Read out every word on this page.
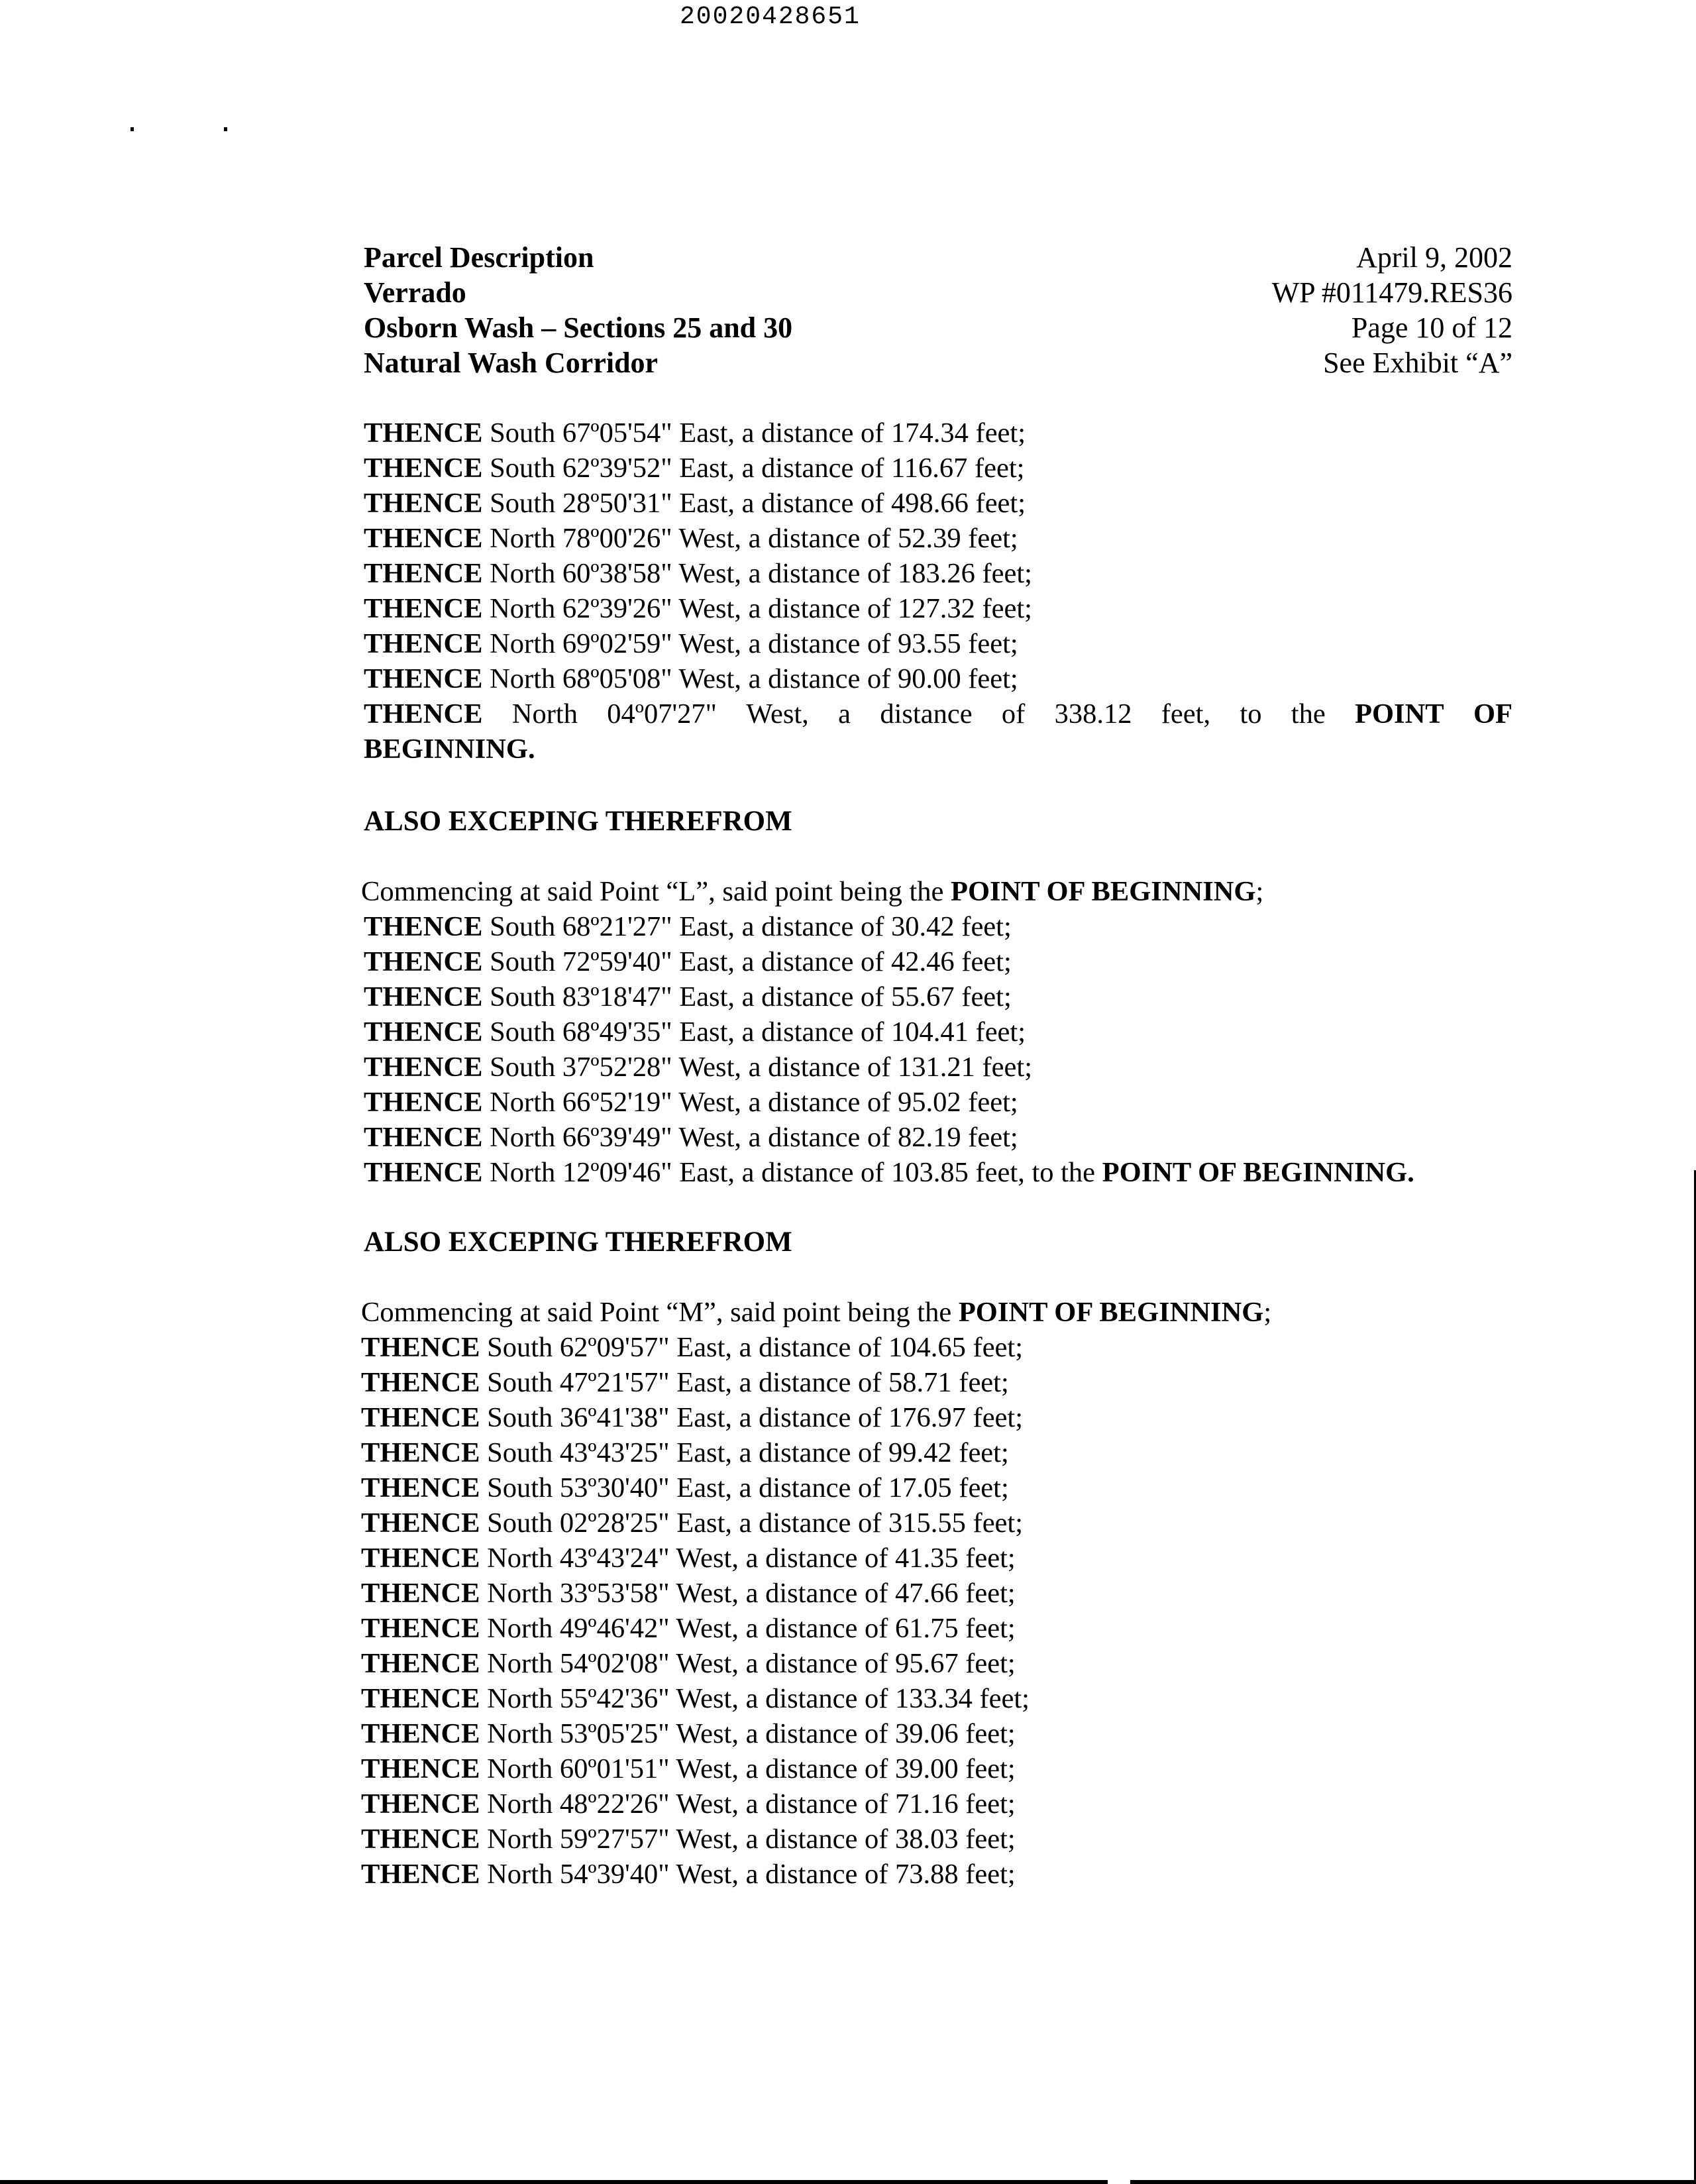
20020428651
Parcel Description
Verrado
Osborn Wash – Sections 25 and 30
Natural Wash Corridor
April 9, 2002
WP #011479.RES36
Page 10 of 12
See Exhibit “A”
THENCE South 67º05'54" East, a distance of 174.34 feet;
THENCE South 62º39'52" East, a distance of 116.67 feet;
THENCE South 28º50'31" East, a distance of 498.66 feet;
THENCE North 78º00'26" West, a distance of 52.39 feet;
THENCE North 60º38'58" West, a distance of 183.26 feet;
THENCE North 62º39'26" West, a distance of 127.32 feet;
THENCE North 69º02'59" West, a distance of 93.55 feet;
THENCE North 68º05'08" West, a distance of 90.00 feet;
THENCE North 04º07'27" West, a distance of 338.12 feet, to the POINT OF
BEGINNING.
ALSO EXCEPING THEREFROM
Commencing at said Point “L”, said point being the POINT OF BEGINNING;
THENCE South 68º21'27" East, a distance of 30.42 feet;
THENCE South 72º59'40" East, a distance of 42.46 feet;
THENCE South 83º18'47" East, a distance of 55.67 feet;
THENCE South 68º49'35" East, a distance of 104.41 feet;
THENCE South 37º52'28" West, a distance of 131.21 feet;
THENCE North 66º52'19" West, a distance of 95.02 feet;
THENCE North 66º39'49" West, a distance of 82.19 feet;
THENCE North 12º09'46" East, a distance of 103.85 feet, to the POINT OF BEGINNING.
ALSO EXCEPING THEREFROM
Commencing at said Point “M”, said point being the POINT OF BEGINNING;
THENCE South 62º09'57" East, a distance of 104.65 feet;
THENCE South 47º21'57" East, a distance of 58.71 feet;
THENCE South 36º41'38" East, a distance of 176.97 feet;
THENCE South 43º43'25" East, a distance of 99.42 feet;
THENCE South 53º30'40" East, a distance of 17.05 feet;
THENCE South 02º28'25" East, a distance of 315.55 feet;
THENCE North 43º43'24" West, a distance of 41.35 feet;
THENCE North 33º53'58" West, a distance of 47.66 feet;
THENCE North 49º46'42" West, a distance of 61.75 feet;
THENCE North 54º02'08" West, a distance of 95.67 feet;
THENCE North 55º42'36" West, a distance of 133.34 feet;
THENCE North 53º05'25" West, a distance of 39.06 feet;
THENCE North 60º01'51" West, a distance of 39.00 feet;
THENCE North 48º22'26" West, a distance of 71.16 feet;
THENCE North 59º27'57" West, a distance of 38.03 feet;
THENCE North 54º39'40" West, a distance of 73.88 feet;
